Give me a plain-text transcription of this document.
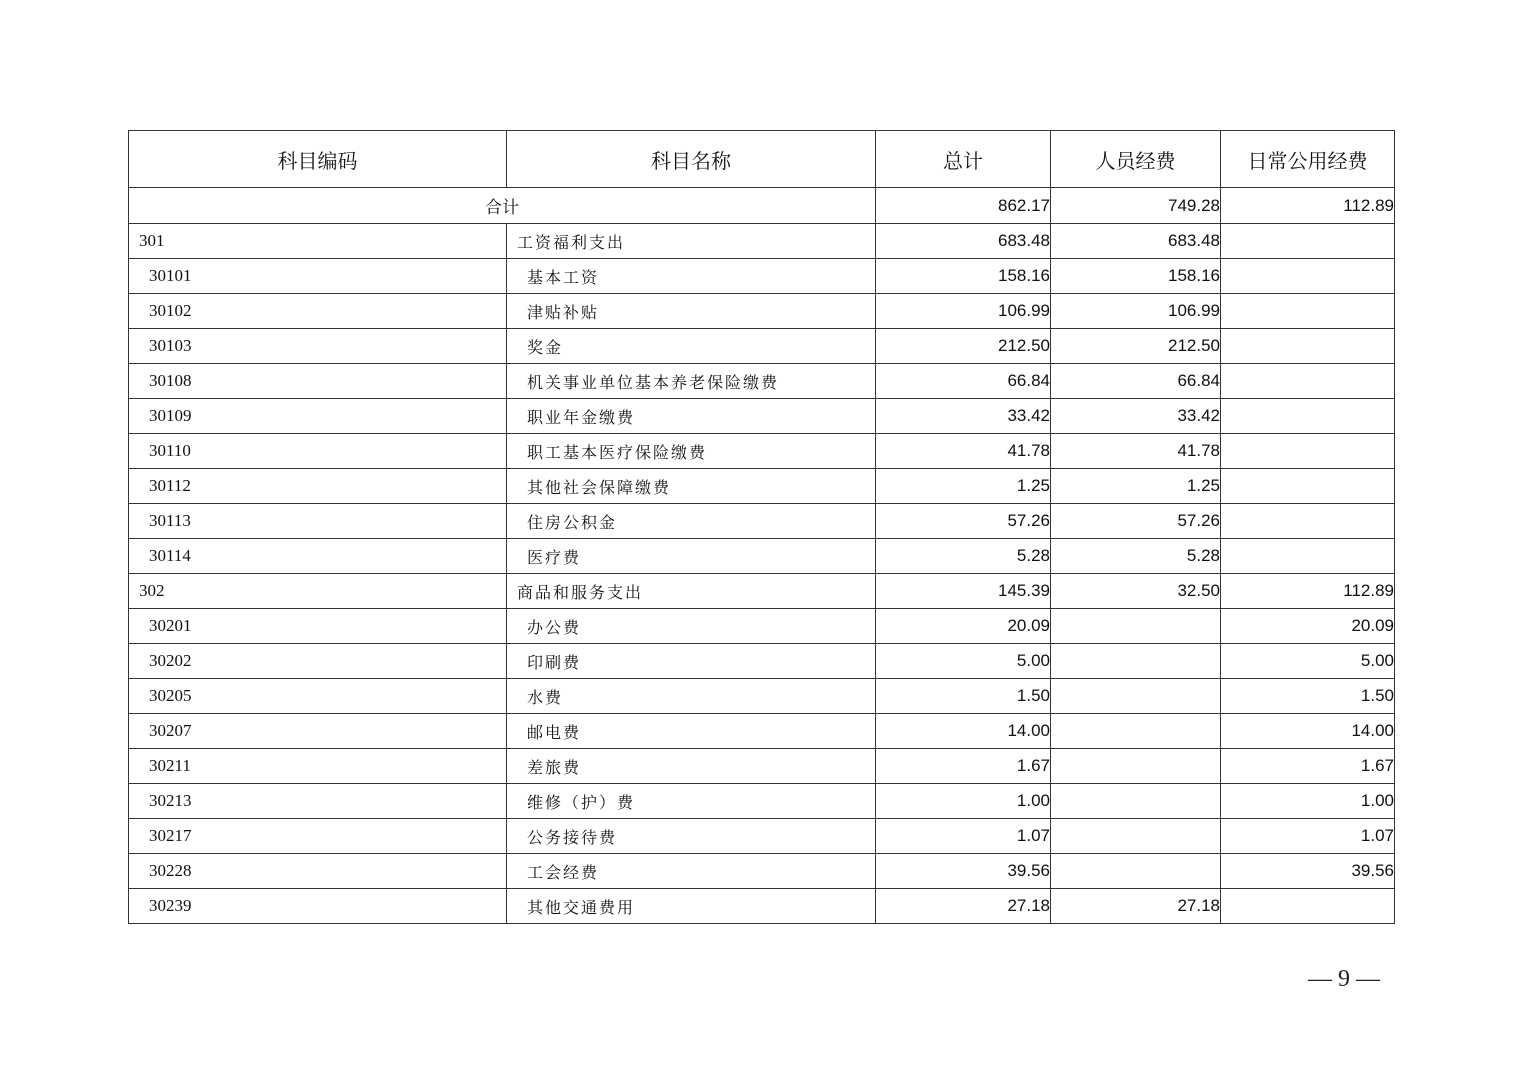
科目编码	科目名称	总计	人员经费	日常公用经费
合计		862.17	749.28	112.89
301	工资福利支出	683.48	683.48	
30101	基本工资	158.16	158.16	
30102	津贴补贴	106.99	106.99	
30103	奖金	212.50	212.50	
30108	机关事业单位基本养老保险缴费	66.84	66.84	
30109	职业年金缴费	33.42	33.42	
30110	职工基本医疗保险缴费	41.78	41.78	
30112	其他社会保障缴费	1.25	1.25	
30113	住房公积金	57.26	57.26	
30114	医疗费	5.28	5.28	
302	商品和服务支出	145.39	32.50	112.89
30201	办公费	20.09		20.09
30202	印刷费	5.00		5.00
30205	水费	1.50		1.50
30207	邮电费	14.00		14.00
30211	差旅费	1.67		1.67
30213	维修（护）费	1.00		1.00
30217	公务接待费	1.07		1.07
30228	工会经费	39.56		39.56
30239	其他交通费用	27.18	27.18	
— 9 —
